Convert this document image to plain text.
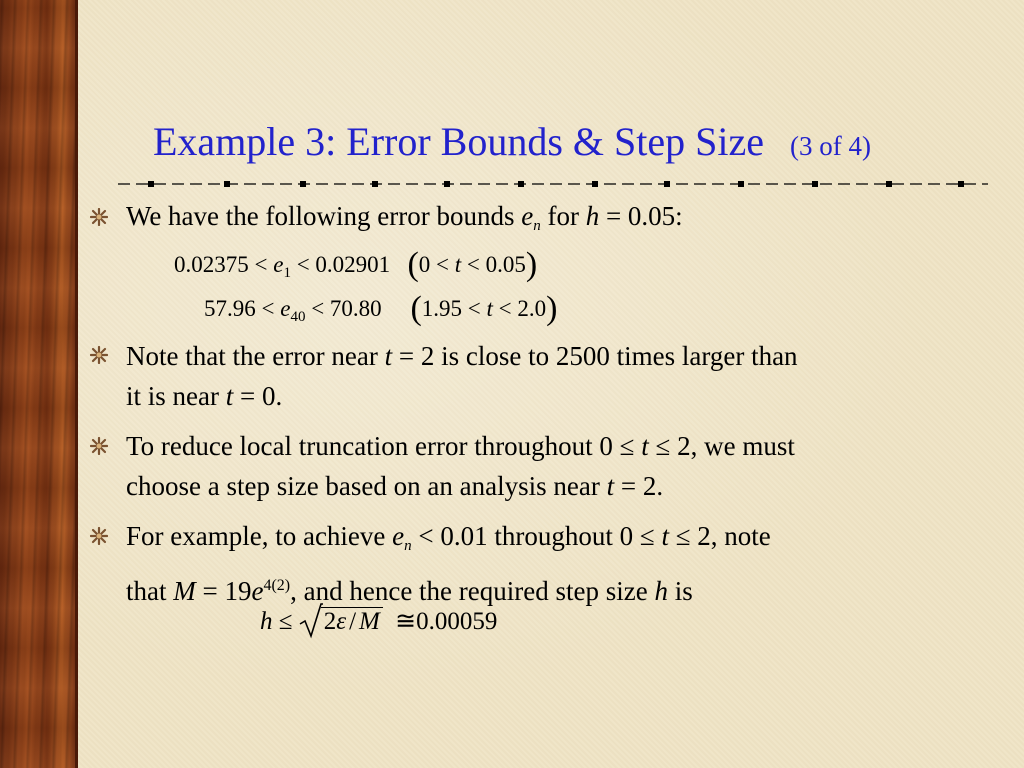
Example 3: Error Bounds & Step Size (3 of 4)
We have the following error bounds $e_n$ for h = 0.05:
$0.02375 < e_1 < 0.02901$ (0 < t < 0.05)
$57.96 < e_{40} < 70.80$ (1.95 < t < 2.0)
Note that the error near t = 2 is close to 2500 times larger than
it is near t = 0.
To reduce local truncation error throughout 0 ≤ t ≤ 2, we must
choose a step size based on an analysis near t = 2.
For example, to achieve $e_n < 0.01$ throughout 0 ≤ t ≤ 2, note
that $M = 19e^{4(2)}$, and hence the required step size h is
h ≤ 2ε / M ≅0.00059
